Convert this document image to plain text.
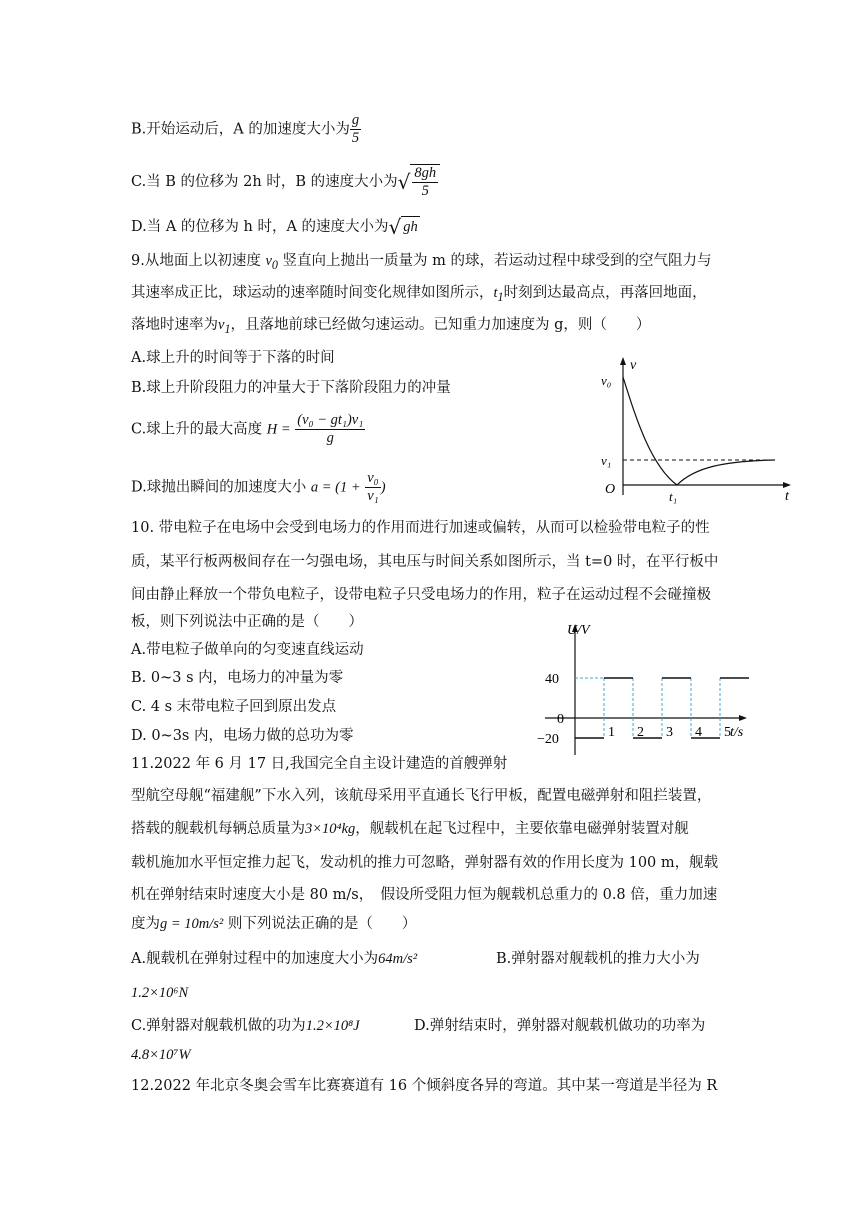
B.开始运动后，A 的加速度大小为 $\frac{g}{5}$
C.当 B 的位移为 2h 时，B 的速度大小为√ $\frac{8gh}{5}$
D.当 A 的位移为 h 时，A 的速度大小为√ gh
9.从地面上以初速度 $v_0$ 竖直向上抛出一质量为 m 的球，若运动过程中球受到的空气阻力与
其速率成正比，球运动的速率随时间变化规律如图所示，$t_1$时刻到达最高点，再落回地面，
落地时速率为$v_1$，且落地前球已经做匀速运动。已知重力加速度为 g，则（　　）
A.球上升的时间等于下落的时间
B.球上升阶段阻力的冲量大于下落阶段阻力的冲量
C.球上升的最大高度 $H = \frac{\text{(v₀ − gt₁)v₁}}{g}$
D.球抛出瞬间的加速度大小 $a = (1 + \frac{\text{v₀}}{\text{v₁}}$ )
v
v₀
v₁
O	t₁	t
10. 带电粒子在电场中会受到电场力的作用而进行加速或偏转，从而可以检验带电粒子的性
质，某平行板两极间存在一匀强电场，其电压与时间关系如图所示，当 t=0 时，在平行板中
间由静止释放一个带负电粒子，设带电粒子只受电场力的作用，粒子在运动过程不会碰撞极
板，则下列说法中正确的是（　　）
A.带电粒子做单向的匀变速直线运动
B. 0~3 s 内，电场力的冲量为零
C. 4 s 末带电粒子回到原出发点
D. 0~3s 内，电场力做的总功为零
U/V
40
0
−20	1 2 3 4 5 t/s
11.2022 年 6 月 17 日,我国完全自主设计建造的首艘弹射
型航空母舰“福建舰”下水入列，该航母采用平直通长飞行甲板，配置电磁弹射和阻拦装置，
搭载的舰载机每辆总质量为3×10⁴kg，舰载机在起飞过程中，主要依靠电磁弹射装置对舰
载机施加水平恒定推力起飞，发动机的推力可忽略，弹射器有效的作用长度为 100 m，舰载
机在弹射结束时速度大小是 80 m/s，　假设所受阻力恒为舰载机总重力的 0.8 倍，重力加速
度为g = 10m/s² 则下列说法正确的是（　　）
A.舰载机在弹射过程中的加速度大小为64m/s²	B.弹射器对舰载机的推力大小为
1.2×10⁶N
C.弹射器对舰载机做的功为1.2×10⁸J	D.弹射结束时，弹射器对舰载机做功的功率为
4.8×10⁷W
12.2022 年北京冬奥会雪车比赛赛道有 16 个倾斜度各异的弯道。其中某一弯道是半径为 R
